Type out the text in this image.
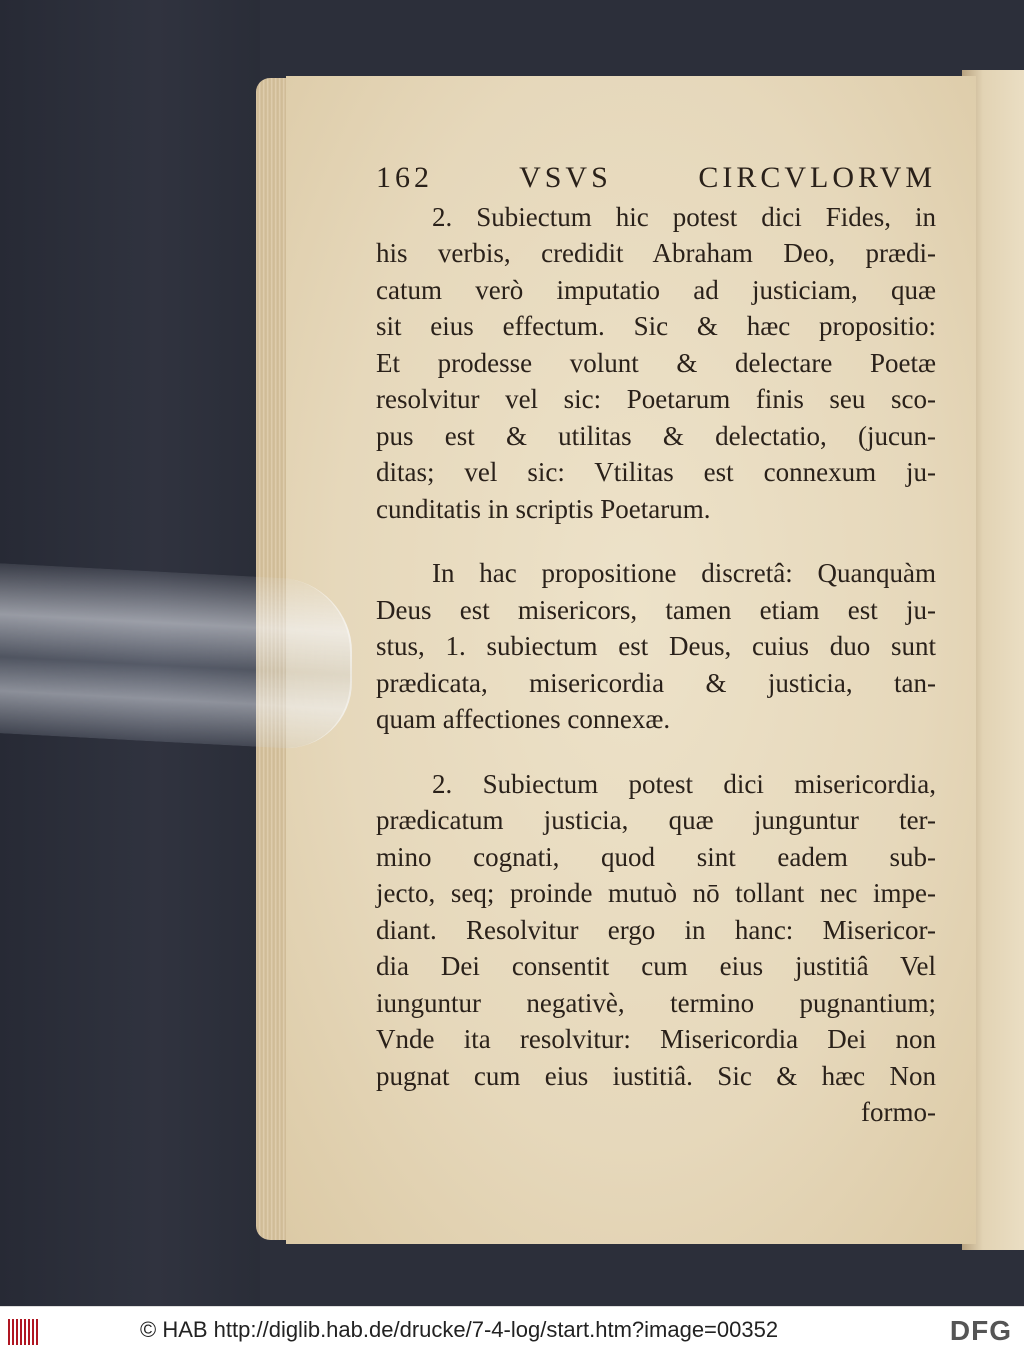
162 VSVS CIRCVLORVM
2. Subiectum hic potest dici Fides, in
his verbis, credidit Abraham Deo, prædi-
catum verò imputatio ad justiciam, quæ
sit eius effectum. Sic & hæc propositio:
Et prodesse volunt & delectare Poetæ
resolvitur vel sic: Poetarum finis seu sco-
pus est & utilitas & delectatio, (jucun-
ditas; vel sic: Vtilitas est connexum ju-
cunditatis in scriptis Poetarum.
In hac propositione discretâ: Quanquàm
Deus est misericors, tamen etiam est ju-
stus, 1. subiectum est Deus, cuius duo sunt
prædicata, misericordia & justicia, tan-
quam affectiones connexæ.
2. Subiectum potest dici misericordia,
prædicatum justicia, quæ junguntur ter-
mino cognati, quod sint eadem sub-
jecto, seq; proinde mutuò nō tollant nec impe-
diant. Resolvitur ergo in hanc: Misericor-
dia Dei consentit cum eius justitiâ Vel
iunguntur negativè, termino pugnantium;
Vnde ita resolvitur: Misericordia Dei non
pugnat cum eius iustitiâ. Sic & hæc Non
formo-
© HAB http://diglib.hab.de/drucke/7-4-log/start.htm?image=00352	DFG
